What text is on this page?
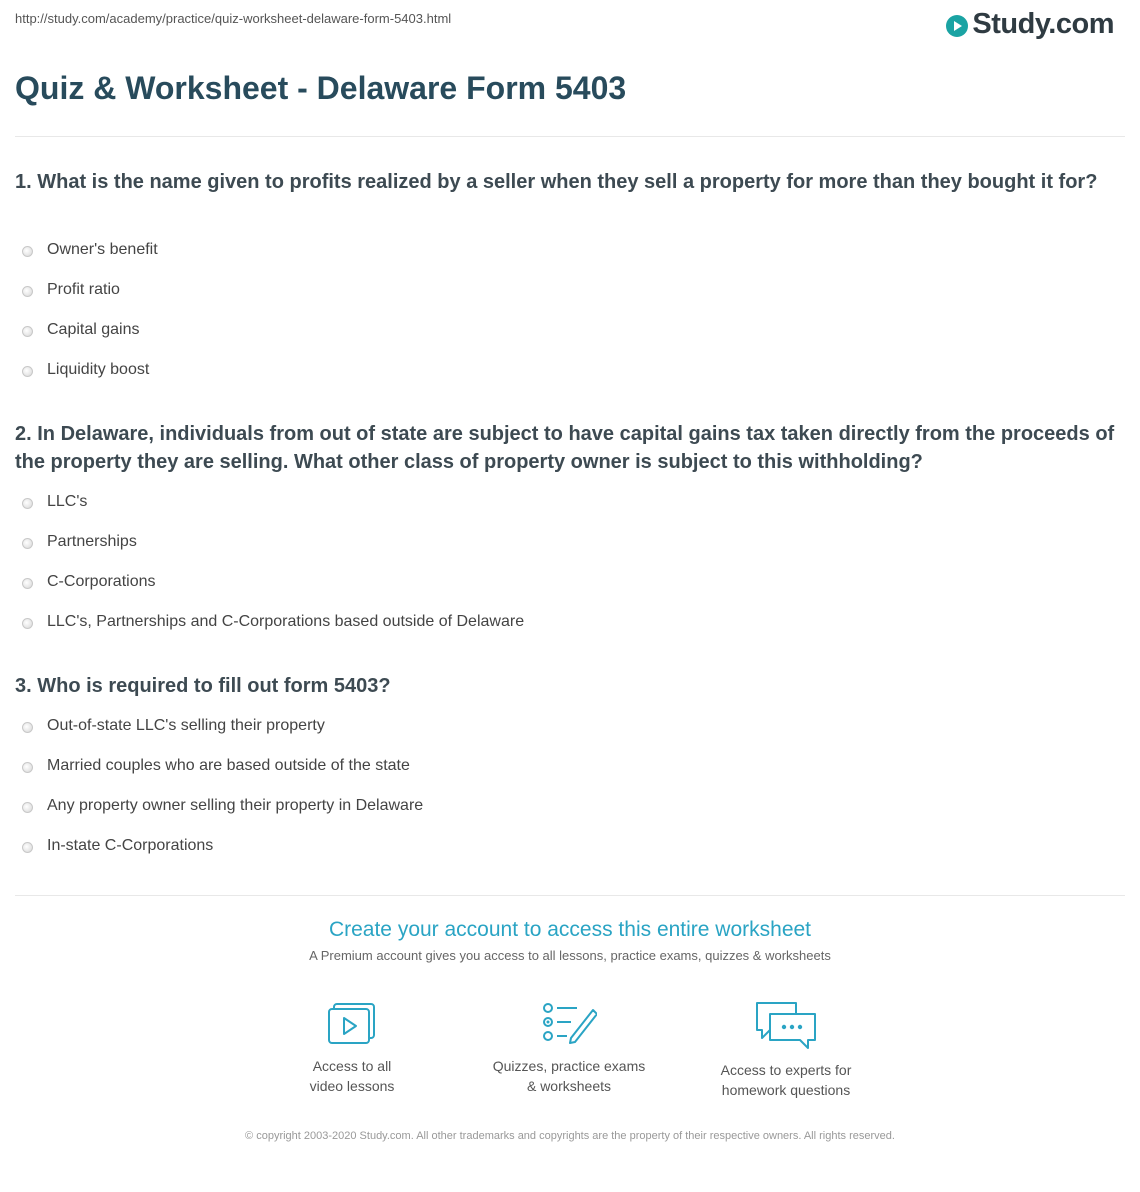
http://study.com/academy/practice/quiz-worksheet-delaware-form-5403.html	Study.com
Quiz & Worksheet - Delaware Form 5403
1. What is the name given to profits realized by a seller when they sell a property for more than they bought it for?
Owner's benefit
Profit ratio
Capital gains
Liquidity boost
2. In Delaware, individuals from out of state are subject to have capital gains tax taken directly from the proceeds of the property they are selling. What other class of property owner is subject to this withholding?
LLC's
Partnerships
C-Corporations
LLC's, Partnerships and C-Corporations based outside of Delaware
3. Who is required to fill out form 5403?
Out-of-state LLC's selling their property
Married couples who are based outside of the state
Any property owner selling their property in Delaware
In-state C-Corporations
Create your account to access this entire worksheet
A Premium account gives you access to all lessons, practice exams, quizzes & worksheets
Access to all
video lessons
Quizzes, practice exams
& worksheets
Access to experts for
homework questions
© copyright 2003-2020 Study.com. All other trademarks and copyrights are the property of their respective owners. All rights reserved.
